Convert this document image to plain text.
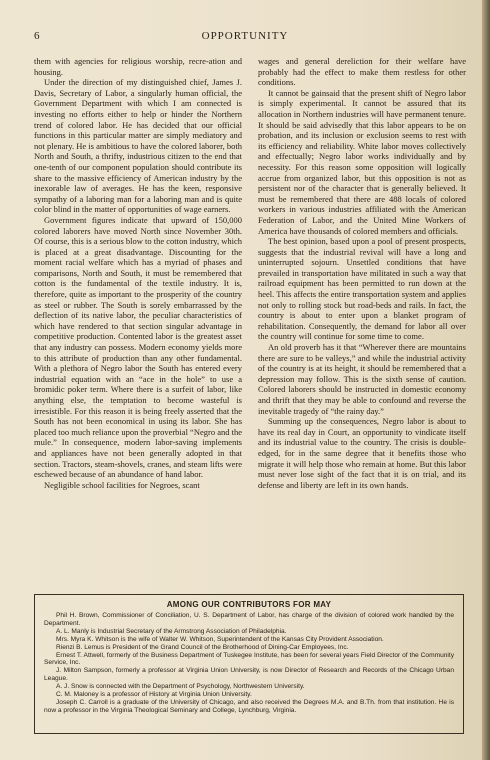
6	OPPORTUNITY

them with agencies for religious worship, recre-ation and housing.

Under the direction of my distinguished chief, James J. Davis, Secretary of Labor, a singularly human official, the Government Department with which I am connected is investing no efforts either to help or hinder the Northern trend of colored labor. He has decided that our official functions in this particular matter are simply mediatory and not plenary. He is ambitious to have the colored laborer, both North and South, a thrifty, industrious citizen to the end that one-tenth of our component population should contribute its share to the massive efficiency of American industry by the inexorable law of averages. He has the keen, responsive sympathy of a laboring man for a laboring man and is quite color blind in the matter of opportunities of wage earners.

Government figures indicate that upward of 150,000 colored laborers have moved North since November 30th. Of course, this is a serious blow to the cotton industry, which is placed at a great disadvantage. Discounting for the moment racial welfare which has a myriad of phases and comparisons, North and South, it must be remembered that cotton is the fundamental of the textile industry. It is, therefore, quite as important to the prosperity of the country as steel or rubber. The South is sorely embarrassed by the deflection of its native labor, the peculiar characteristics of which have rendered to that section singular advantage in competitive production. Contented labor is the greatest asset that any industry can possess. Modern economy yields more to this attribute of production than any other fundamental. With a plethora of Negro labor the South has entered every industrial equation with an “ace in the hole” to use a bromidic poker term. Where there is a surfeit of labor, like anything else, the temptation to become wasteful is irresistible. For this reason it is being freely asserted that the South has not been economical in using its labor. She has placed too much reliance upon the proverbial “Negro and the mule.” In consequence, modern labor-saving implements and appliances have not been generally adopted in that section. Tractors, steam-shovels, cranes, and steam lifts were eschewed because of an abundance of hand labor.

Negligible school facilities for Negroes, scant

wages and general dereliction for their welfare have probably had the effect to make them restless for other conditions.

It cannot be gainsaid that the present shift of Negro labor is simply experimental. It cannot be assured that its allocation in Northern industries will have permanent tenure. It should be said advisedly that this labor appears to be on probation, and its inclusion or exclusion seems to rest with its efficiency and reliability. White labor moves collectively and effectually; Negro labor works individually and by necessity. For this reason some opposition will logically accrue from organized labor, but this opposition is not as persistent nor of the character that is generally believed. It must be remembered that there are 488 locals of colored workers in various industries affiliated with the American Federation of Labor, and the United Mine Workers of America have thousands of colored members and officials.

The best opinion, based upon a pool of present prospects, suggests that the industrial revival will have a long and uninterrupted sojourn. Unsettled conditions that have prevailed in transportation have militated in such a way that railroad equipment has been permitted to run down at the heel. This affects the entire transportation system and applies not only to rolling stock but road-beds and rails. In fact, the country is about to enter upon a blanket program of rehabilitation. Consequently, the demand for labor all over the country will continue for some time to come.

An old proverb has it that “Wherever there are mountains there are sure to be valleys,” and while the industrial activity of the country is at its height, it should be remembered that a depression may follow. This is the sixth sense of caution. Colored laborers should be instructed in domestic economy and thrift that they may be able to confound and reverse the inevitable tragedy of “the rainy day.”

Summing up the consequences, Negro labor is about to have its real day in Court, an opportunity to vindicate itself and its industrial value to the country. The crisis is double-edged, for in the same degree that it benefits those who migrate it will help those who remain at home. But this labor must never lose sight of the fact that it is on trial, and its defense and liberty are left in its own hands.

AMONG OUR CONTRIBUTORS FOR MAY

Phil H. Brown, Commissioner of Conciliation, U. S. Department of Labor, has charge of the division of colored work handled by the Department.

A. L. Manly is Industrial Secretary of the Armstrong Association of Philadelphia.

Mrs. Myra K. Whitson is the wife of Walter W. Whitson, Superintendent of the Kansas City Provident Association.

Rienzi B. Lemus is President of the Grand Council of the Brotherhood of Dining-Car Employees, Inc.

Ernest T. Attwell, formerly of the Business Department of Tuskegee Institute, has been for several years Field Director of the Community Service, Inc.

J. Milton Sampson, formerly a professor at Virginia Union University, is now Director of Research and Records of the Chicago Urban League.

A. J. Snow is connected with the Department of Psychology, Northwestern University.

C. M. Maloney is a professor of History at Virginia Union University.

Joseph C. Carroll is a graduate of the University of Chicago, and also received the Degrees M.A. and B.Th. from that institution. He is now a professor in the Virginia Theological Seminary and College, Lynchburg, Virginia.
